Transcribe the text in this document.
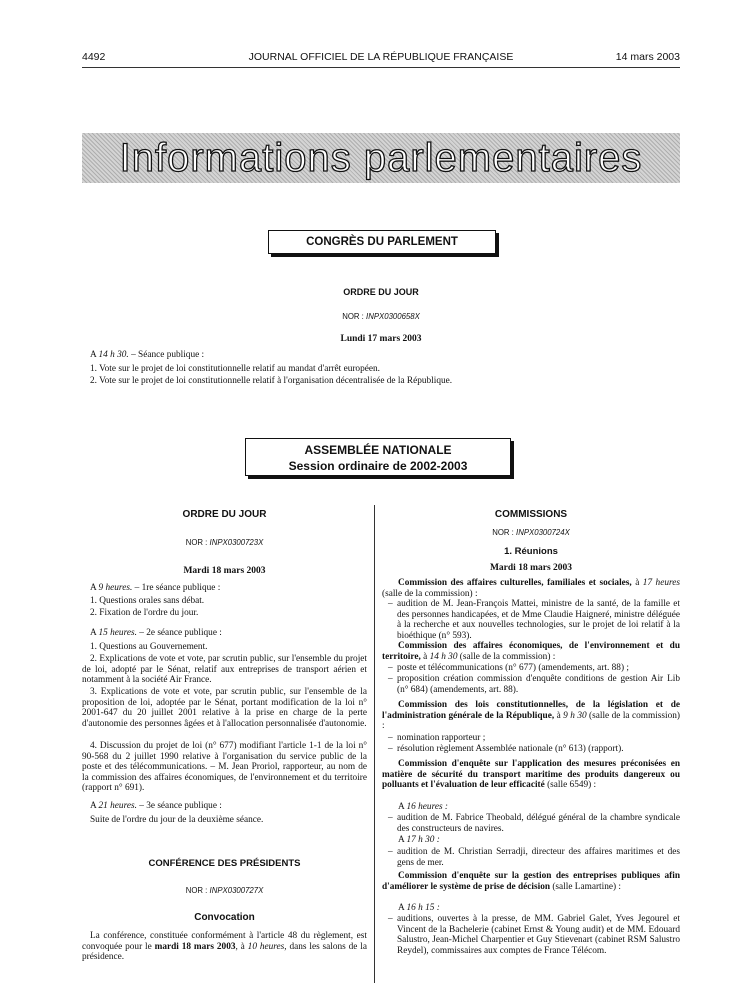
4492	JOURNAL OFFICIEL DE LA RÉPUBLIQUE FRANÇAISE	14 mars 2003
Informations parlementaires
CONGRÈS DU PARLEMENT
ORDRE DU JOUR
NOR : INPX0300658X
Lundi 17 mars 2003
A 14 h 30. – Séance publique :
1. Vote sur le projet de loi constitutionnelle relatif au mandat d'arrêt européen.
2. Vote sur le projet de loi constitutionnelle relatif à l'organisation décentralisée de la République.
ASSEMBLÉE NATIONALE
Session ordinaire de 2002-2003
ORDRE DU JOUR
NOR : INPX0300723X
Mardi 18 mars 2003
A 9 heures. – 1re séance publique :
1. Questions orales sans débat.
2. Fixation de l'ordre du jour.
A 15 heures. – 2e séance publique :
1. Questions au Gouvernement.
2. Explications de vote et vote, par scrutin public, sur l'ensemble du projet de loi, adopté par le Sénat, relatif aux entreprises de transport aérien et notamment à la société Air France.
3. Explications de vote et vote, par scrutin public, sur l'ensemble de la proposition de loi, adoptée par le Sénat, portant modification de la loi n° 2001-647 du 20 juillet 2001 relative à la prise en charge de la perte d'autonomie des personnes âgées et à l'allocation personnalisée d'autonomie.
4. Discussion du projet de loi (n° 677) modifiant l'article 1-1 de la loi n° 90-568 du 2 juillet 1990 relative à l'organisation du service public de la poste et des télécommunications. – M. Jean Proriol, rapporteur, au nom de la commission des affaires économiques, de l'environnement et du territoire (rapport n° 691).
A 21 heures. – 3e séance publique :
Suite de l'ordre du jour de la deuxième séance.
CONFÉRENCE DES PRÉSIDENTS
NOR : INPX0300727X
Convocation
La conférence, constituée conformément à l'article 48 du règlement, est convoquée pour le mardi 18 mars 2003, à 10 heures, dans les salons de la présidence.
COMMISSIONS
NOR : INPX0300724X
1. Réunions
Mardi 18 mars 2003
Commission des affaires culturelles, familiales et sociales, à 17 heures (salle de la commission) :
– audition de M. Jean-François Mattei, ministre de la santé, de la famille et des personnes handicapées, et de Mme Claudie Haigneré, ministre déléguée à la recherche et aux nouvelles technologies, sur le projet de loi relatif à la bioéthique (n° 593).
Commission des affaires économiques, de l'environnement et du territoire, à 14 h 30 (salle de la commission) :
– poste et télécommunications (n° 677) (amendements, art. 88) ;
– proposition création commission d'enquête conditions de gestion Air Lib (n° 684) (amendements, art. 88).
Commission des lois constitutionnelles, de la législation et de l'administration générale de la République, à 9 h 30 (salle de la commission) :
– nomination rapporteur ;
– résolution règlement Assemblée nationale (n° 613) (rapport).
Commission d'enquête sur l'application des mesures préconisées en matière de sécurité du transport maritime des produits dangereux ou polluants et l'évaluation de leur efficacité (salle 6549) :
A 16 heures :
– audition de M. Fabrice Theobald, délégué général de la chambre syndicale des constructeurs de navires.
A 17 h 30 :
– audition de M. Christian Serradji, directeur des affaires maritimes et des gens de mer.
Commission d'enquête sur la gestion des entreprises publiques afin d'améliorer le système de prise de décision (salle Lamartine) :
A 16 h 15 :
– auditions, ouvertes à la presse, de MM. Gabriel Galet, Yves Jegourel et Vincent de la Bachelerie (cabinet Ernst & Young audit) et de MM. Edouard Salustro, Jean-Michel Charpentier et Guy Stievenart (cabinet RSM Salustro Reydel), commissaires aux comptes de France Télécom.
